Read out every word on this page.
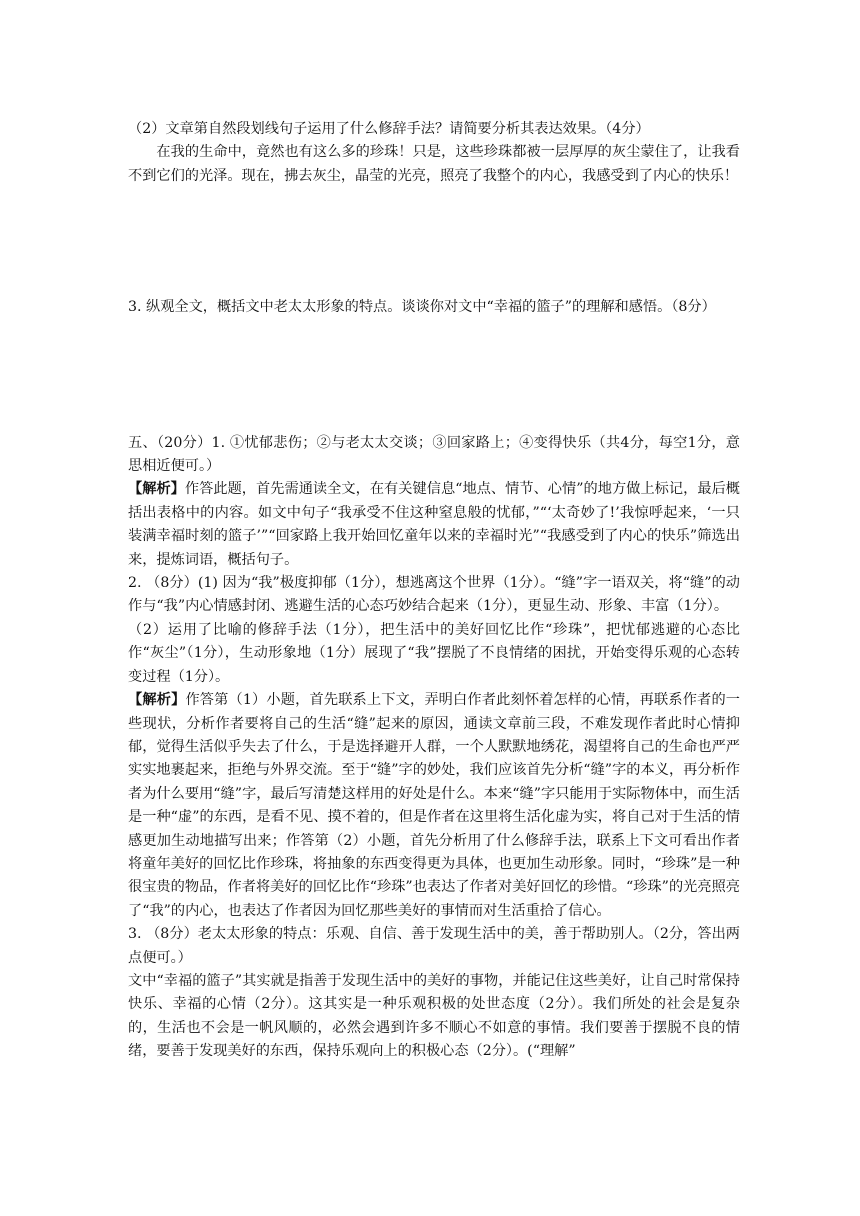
（2）文章第自然段划线句子运用了什么修辞手法？请简要分析其表达效果。（4分）

在我的生命中，竟然也有这么多的珍珠！只是，这些珍珠都被一层厚厚的灰尘蒙住了，让我看不到它们的光泽。现在，拂去灰尘，晶莹的光亮，照亮了我整个的内心，我感受到了内心的快乐！

3. 纵观全文，概括文中老太太形象的特点。谈谈你对文中“幸福的篮子”的理解和感悟。（8分）

五、（20分）1. ①忧郁悲伤；②与老太太交谈；③回家路上；④变得快乐（共4分，每空1分，意思相近便可。）

【解析】作答此题，首先需通读全文，在有关键信息“地点、情节、心情”的地方做上标记，最后概括出表格中的内容。如文中句子“我承受不住这种窒息般的忧郁，”“‘太奇妙了!’我惊呼起来，‘一只装满幸福时刻的篮子’”“回家路上我开始回忆童年以来的幸福时光”“我感受到了内心的快乐”筛选出来，提炼词语，概括句子。

2. （8分）(1) 因为“我”极度抑郁（1分），想逃离这个世界（1分）。“缝”字一语双关，将“缝”的动作与“我”内心情感封闭、逃避生活的心态巧妙结合起来（1分），更显生动、形象、丰富（1分）。

（2）运用了比喻的修辞手法（1分），把生活中的美好回忆比作“珍珠”，把忧郁逃避的心态比作“灰尘”（1分），生动形象地（1分）展现了“我”摆脱了不良情绪的困扰，开始变得乐观的心态转变过程（1分）。

【解析】作答第（1）小题，首先联系上下文，弄明白作者此刻怀着怎样的心情，再联系作者的一些现状，分析作者要将自己的生活“缝”起来的原因，通读文章前三段，不难发现作者此时心情抑郁，觉得生活似乎失去了什么，于是选择避开人群，一个人默默地绣花，渴望将自己的生命也严严实实地裹起来，拒绝与外界交流。至于“缝”字的妙处，我们应该首先分析“缝”字的本义，再分析作者为什么要用“缝”字，最后写清楚这样用的好处是什么。本来“缝”字只能用于实际物体中，而生活是一种“虚”的东西，是看不见、摸不着的，但是作者在这里将生活化虚为实，将自己对于生活的情感更加生动地描写出来；作答第（2）小题，首先分析用了什么修辞手法，联系上下文可看出作者将童年美好的回忆比作珍珠，将抽象的东西变得更为具体，也更加生动形象。同时，“珍珠”是一种很宝贵的物品，作者将美好的回忆比作“珍珠”也表达了作者对美好回忆的珍惜。“珍珠”的光亮照亮了“我”的内心，也表达了作者因为回忆那些美好的事情而对生活重拾了信心。

3. （8分）老太太形象的特点：乐观、自信、善于发现生活中的美，善于帮助别人。（2分，答出两点便可。）

文中“幸福的篮子”其实就是指善于发现生活中的美好的事物，并能记住这些美好，让自己时常保持快乐、幸福的心情（2分）。这其实是一种乐观积极的处世态度（2分）。我们所处的社会是复杂的，生活也不会是一帆风顺的，必然会遇到许多不顺心不如意的事情。我们要善于摆脱不良的情绪，要善于发现美好的东西，保持乐观向上的积极心态（2分）。(“理解”
